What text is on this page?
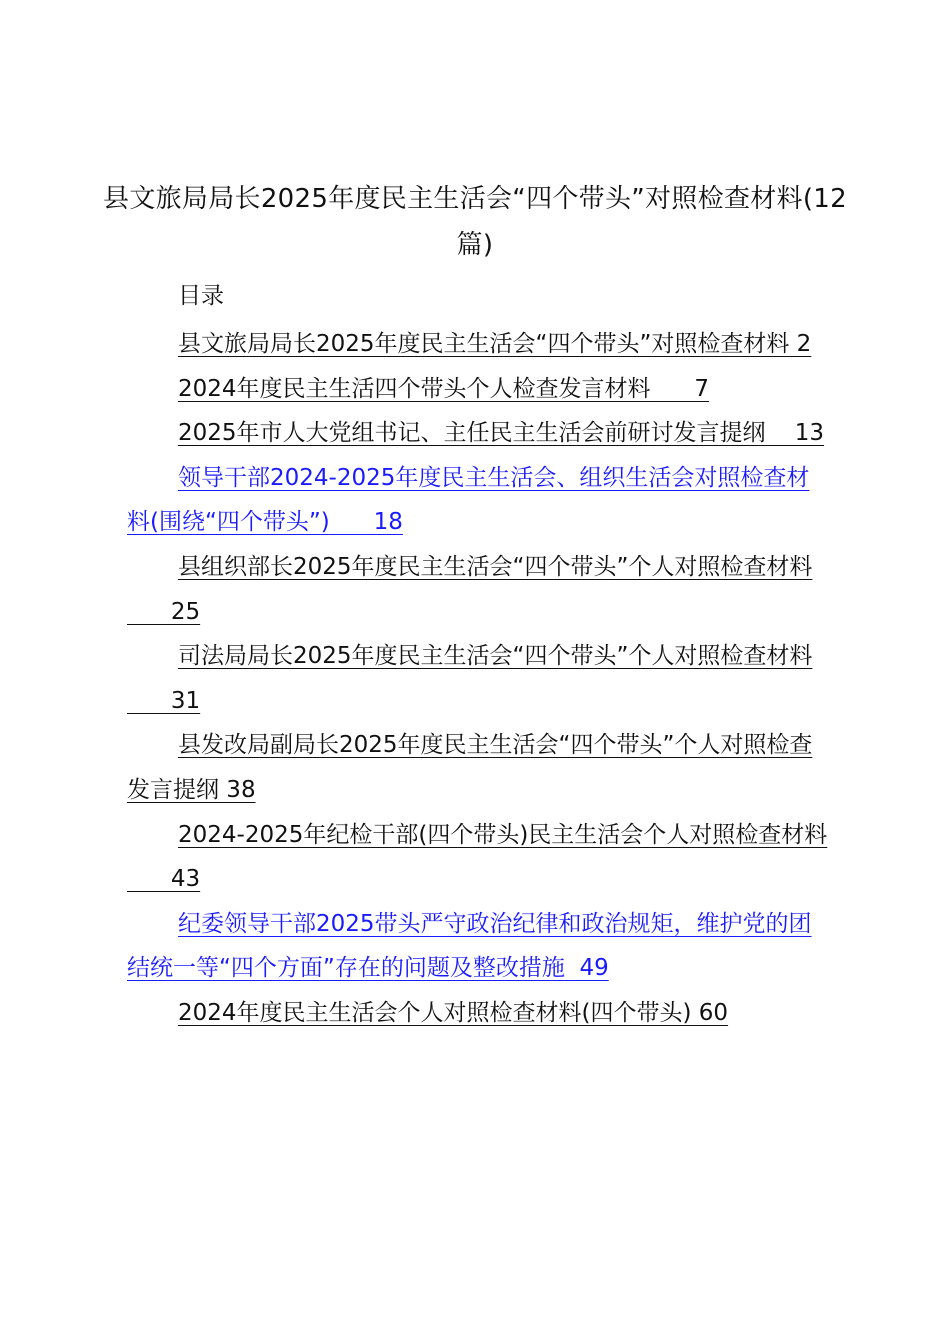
县文旅局局长2025年度民主生活会“四个带头”对照检查材料(12篇)
目录
县文旅局局长2025年度民主生活会“四个带头”对照检查材料 2
2024年度民主生活四个带头个人检查发言材料      7
2025年市人大党组书记、主任民主生活会前研讨发言提纲    13
领导干部2024-2025年度民主生活会、组织生活会对照检查材料(围绕“四个带头”)      18
县组织部长2025年度民主生活会“四个带头”个人对照检查材料      25
司法局局长2025年度民主生活会“四个带头”个人对照检查材料      31
县发改局副局长2025年度民主生活会“四个带头”个人对照检查发言提纲 38
2024-2025年纪检干部(四个带头)民主生活会个人对照检查材料      43
纪委领导干部2025带头严守政治纪律和政治规矩，维护党的团结统一等“四个方面”存在的问题及整改措施  49
2024年度民主生活会个人对照检查材料(四个带头) 60
